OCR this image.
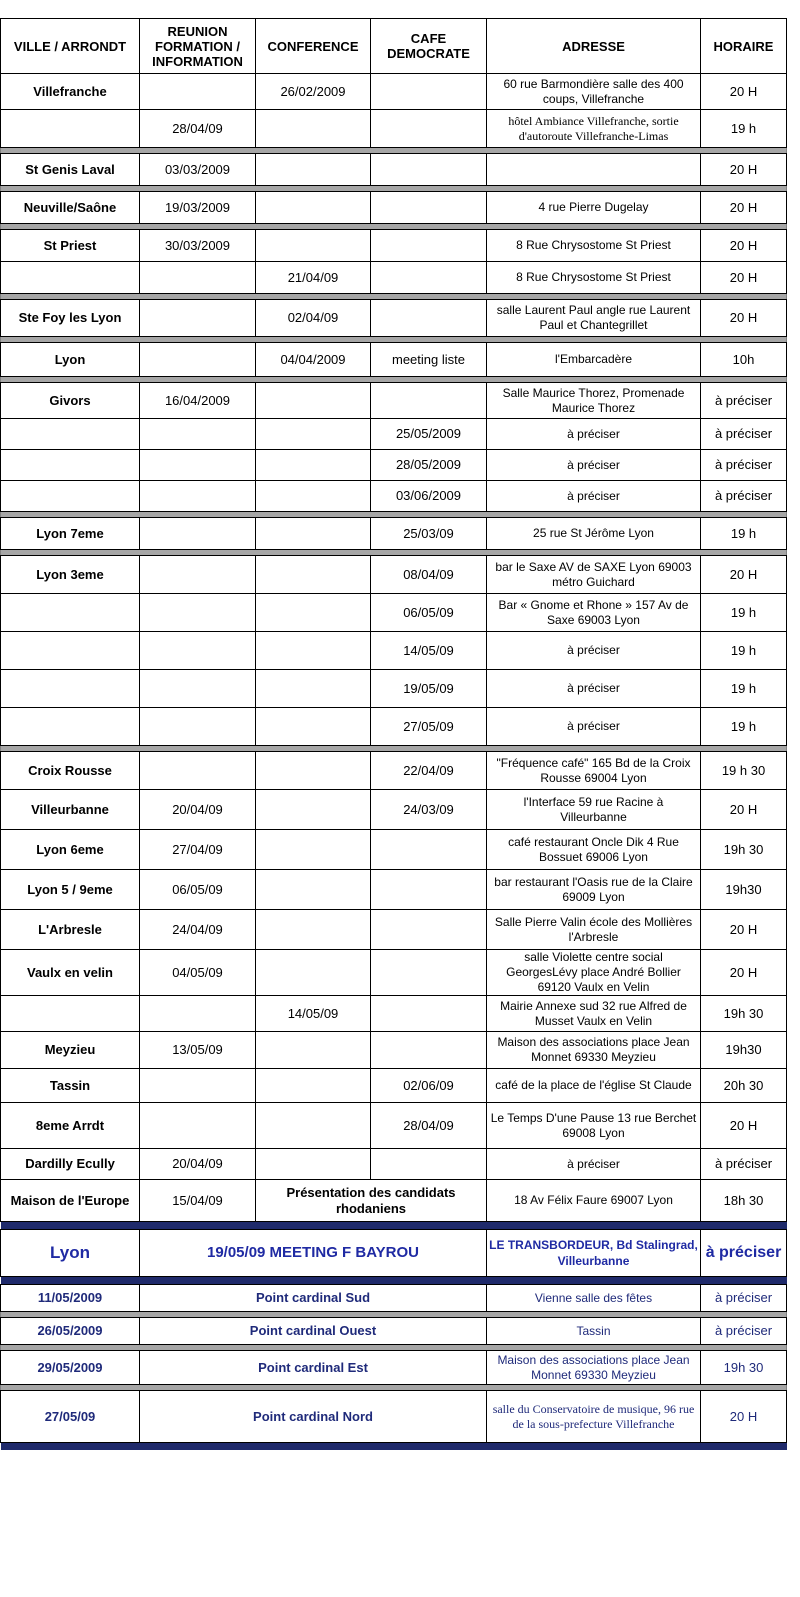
VILLE / ARRONDT	REUNION FORMATION / INFORMATION	CONFERENCE	CAFE DEMOCRATE	ADRESSE	HORAIRE
Villefranche		26/02/2009		60 rue Barmondière salle des 400 coups, Villefranche	20 H
	28/04/09			hôtel Ambiance Villefranche, sortie d'autoroute Villefranche-Limas	19 h

St Genis Laval	03/03/2009				20 H

Neuville/Saône	19/03/2009			4 rue Pierre Dugelay	20 H

St Priest	30/03/2009			8 Rue Chrysostome St Priest	20 H
		21/04/09		8 Rue Chrysostome St Priest	20 H

Ste Foy les Lyon		02/04/09		salle Laurent Paul angle rue Laurent Paul et Chantegrillet	20 H

Lyon		04/04/2009	meeting liste	l'Embarcadère	10h

Givors	16/04/2009			Salle Maurice Thorez, Promenade Maurice Thorez	à préciser
			25/05/2009	à préciser	à préciser
			28/05/2009	à préciser	à préciser
			03/06/2009	à préciser	à préciser

Lyon 7eme			25/03/09	25 rue St Jérôme Lyon	19 h

Lyon 3eme			08/04/09	bar le Saxe AV de SAXE Lyon 69003 métro Guichard	20 H
			06/05/09	Bar « Gnome et Rhone » 157 Av de Saxe 69003 Lyon	19 h
			14/05/09	à préciser	19 h
			19/05/09	à préciser	19 h
			27/05/09	à préciser	19 h

Croix Rousse			22/04/09	"Fréquence café" 165 Bd de la Croix Rousse 69004 Lyon	19 h 30
Villeurbanne	20/04/09		24/03/09	l'Interface 59 rue Racine à Villeurbanne	20 H
Lyon 6eme	27/04/09			café restaurant Oncle Dik 4 Rue Bossuet 69006 Lyon	19h 30
Lyon 5 / 9eme	06/05/09			bar restaurant l'Oasis rue de la Claire 69009 Lyon	19h30
L'Arbresle	24/04/09			Salle Pierre Valin école des Mollières l'Arbresle	20 H
Vaulx en velin	04/05/09			salle Violette centre social GeorgesLévy place André Bollier 69120 Vaulx en Velin	20 H
		14/05/09		Mairie Annexe sud 32 rue Alfred de Musset Vaulx en Velin	19h 30
Meyzieu	13/05/09			Maison des associations place Jean Monnet 69330 Meyzieu	19h30
Tassin			02/06/09	café de la place de l'église St Claude	20h 30
8eme Arrdt			28/04/09	Le Temps D'une Pause 13 rue Berchet 69008 Lyon	20 H
Dardilly Ecully	20/04/09			à préciser	à préciser
Maison de l'Europe	15/04/09	Présentation des candidats rhodaniens		18 Av Félix Faure 69007 Lyon	18h 30

Lyon	19/05/09 MEETING F BAYROU			LE TRANSBORDEUR, Bd Stalingrad, Villeurbanne	à préciser

11/05/2009	Point cardinal Sud			Vienne salle des fêtes	à préciser

26/05/2009	Point cardinal Ouest			Tassin	à préciser

29/05/2009	Point cardinal Est			Maison des associations place Jean Monnet 69330 Meyzieu	19h 30

27/05/09	Point cardinal Nord			salle du Conservatoire de musique, 96 rue de la sous-prefecture Villefranche	20 H
